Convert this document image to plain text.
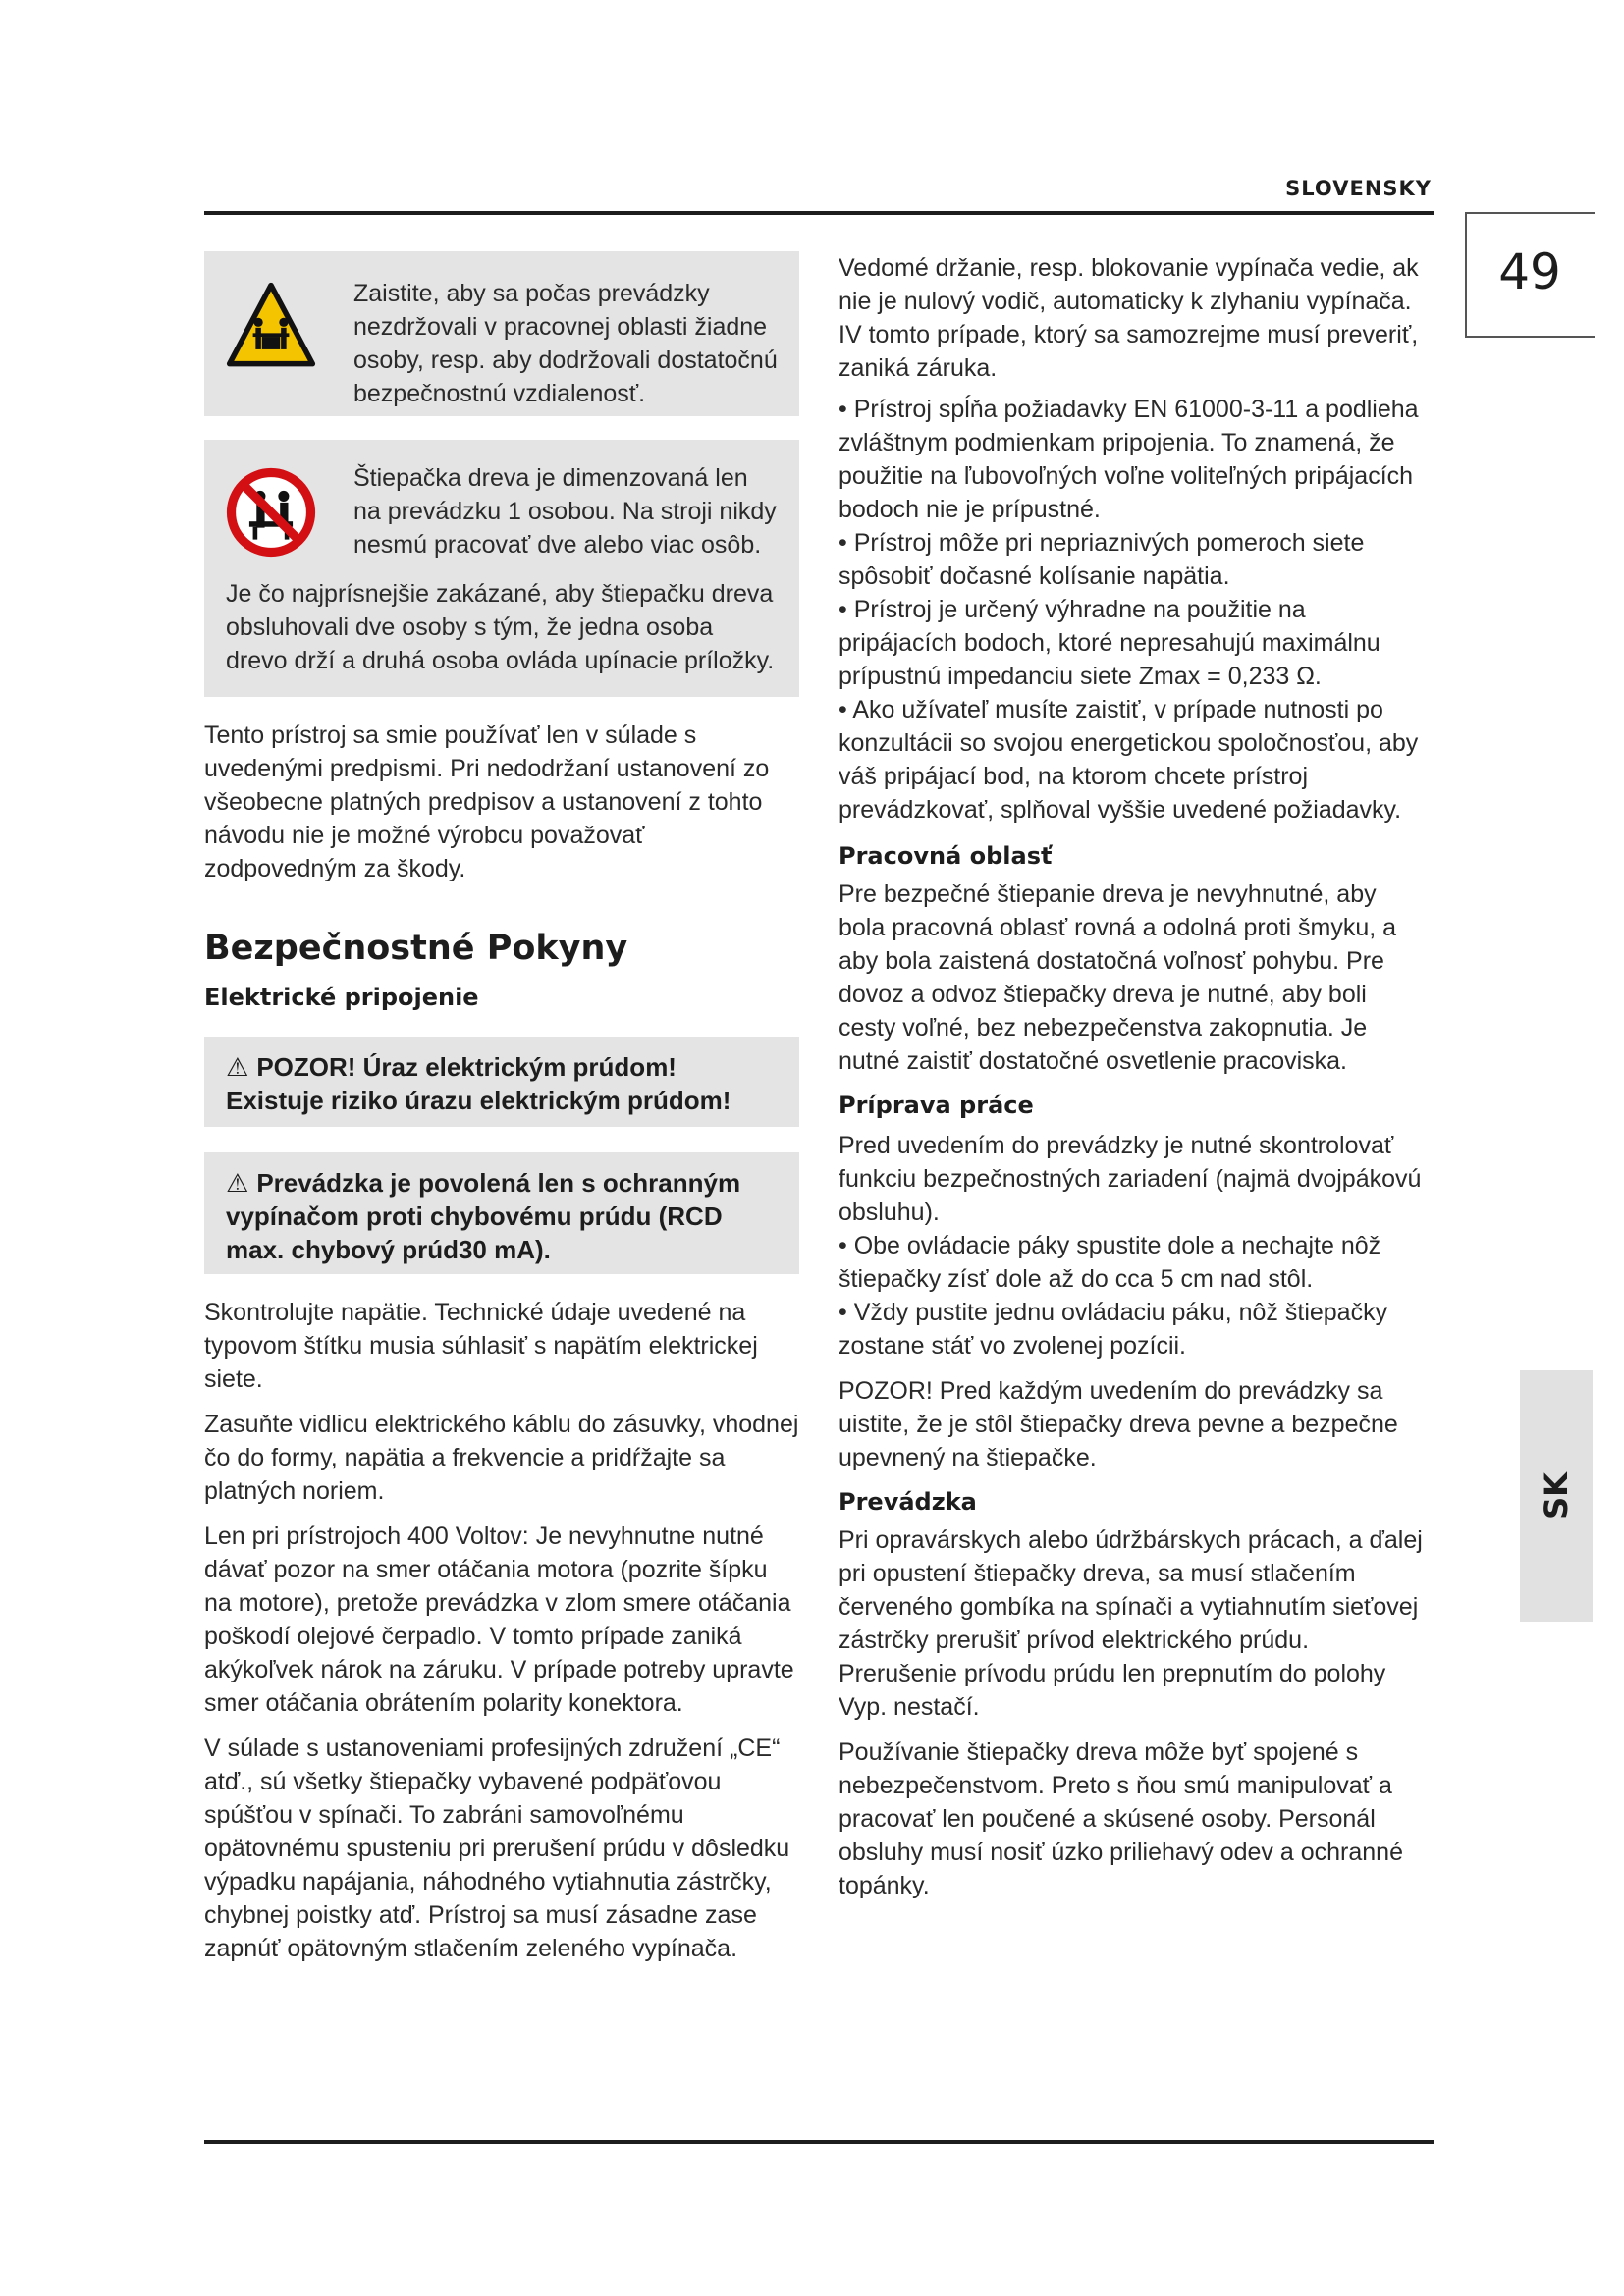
SLOVENSKY
49
SK

Zaistite, aby sa počas prevádzky nezdržovali v pracovnej oblasti žiadne osoby, resp. aby dodržovali dostatočnú bezpečnostnú vzdialenosť.

Štiepačka dreva je dimenzovaná len na prevádzku 1 osobou. Na stroji nikdy nesmú pracovať dve alebo viac osôb.

Je čo najprísnejšie zakázané, aby štiepačku dreva obsluhovali dve osoby s tým, že jedna osoba drevo drží a druhá osoba ovláda upínacie príložky.

Tento prístroj sa smie používať len v súlade s uvedenými predpismi. Pri nedodržaní ustanovení zo všeobecne platných predpisov a ustanovení z tohto návodu nie je možné výrobcu považovať zodpovedným za škody.

Bezpečnostné Pokyny
Elektrické pripojenie

⚠ POZOR! Úraz elektrickým prúdom! Existuje riziko úrazu elektrickým prúdom!

⚠ Prevádzka je povolená len s ochranným vypínačom proti chybovému prúdu (RCD max. chybový prúd30 mA).

Skontrolujte napätie. Technické údaje uvedené na typovom štítku musia súhlasiť s napätím elektrickej siete.

Zasuňte vidlicu elektrického káblu do zásuvky, vhodnej čo do formy, napätia a frekvencie a pridŕžajte sa platných noriem.

Len pri prístrojoch 400 Voltov: Je nevyhnutne nutné dávať pozor na smer otáčania motora (pozrite šípku na motore), pretože prevádzka v zlom smere otáčania poškodí olejové čerpadlo. V tomto prípade zaniká akýkoľvek nárok na záruku. V prípade potreby upravte smer otáčania obrátením polarity konektora.

V súlade s ustanoveniami profesijných združení „CE“ atď., sú všetky štiepačky vybavené podpäťovou spúšťou v spínači. To zabráni samovoľnému opätovnému spusteniu pri prerušení prúdu v dôsledku výpadku napájania, náhodného vytiahnutia zástrčky, chybnej poistky atď. Prístroj sa musí zásadne zase zapnúť opätovným stlačením zeleného vypínača.

Vedomé držanie, resp. blokovanie vypínača vedie, ak nie je nulový vodič, automaticky k zlyhaniu vypínača. IV tomto prípade, ktorý sa samozrejme musí preveriť, zaniká záruka.

• Prístroj spĺňa požiadavky EN 61000-3-11 a podlieha zvláštnym podmienkam pripojenia. To znamená, že použitie na ľubovoľných voľne voliteľných pripájacích bodoch nie je prípustné.

• Prístroj môže pri nepriaznivých pomeroch siete spôsobiť dočasné kolísanie napätia.

• Prístroj je určený výhradne na použitie na pripájacích bodoch, ktoré nepresahujú maximálnu prípustnú impedanciu siete Zmax = 0,233 Ω.

• Ako užívateľ musíte zaistiť, v prípade nutnosti po konzultácii so svojou energetickou spoločnosťou, aby váš pripájací bod, na ktorom chcete prístroj prevádzkovať, splňoval vyššie uvedené požiadavky.

Pracovná oblasť

Pre bezpečné štiepanie dreva je nevyhnutné, aby bola pracovná oblasť rovná a odolná proti šmyku, a aby bola zaistená dostatočná voľnosť pohybu. Pre dovoz a odvoz štiepačky dreva je nutné, aby boli cesty voľné, bez nebezpečenstva zakopnutia. Je nutné zaistiť dostatočné osvetlenie pracoviska.

Príprava práce

Pred uvedením do prevádzky je nutné skontrolovať funkciu bezpečnostných zariadení (najmä dvojpákovú obsluhu).

• Obe ovládacie páky spustite dole a nechajte nôž štiepačky zísť dole až do cca 5 cm nad stôl.

• Vždy pustite jednu ovládaciu páku, nôž štiepačky zostane stáť vo zvolenej pozícii.

POZOR! Pred každým uvedením do prevádzky sa uistite, že je stôl štiepačky dreva pevne a bezpečne upevnený na štiepačke.

Prevádzka

Pri opravárskych alebo údržbárskych prácach, a ďalej pri opustení štiepačky dreva, sa musí stlačením červeného gombíka na spínači a vytiahnutím sieťovej zástrčky prerušiť prívod elektrického prúdu. Prerušenie prívodu prúdu len prepnutím do polohy Vyp. nestačí.

Používanie štiepačky dreva môže byť spojené s nebezpečenstvom. Preto s ňou smú manipulovať a pracovať len poučené a skúsené osoby. Personál obsluhy musí nosiť úzko priliehavý odev a ochranné topánky.
